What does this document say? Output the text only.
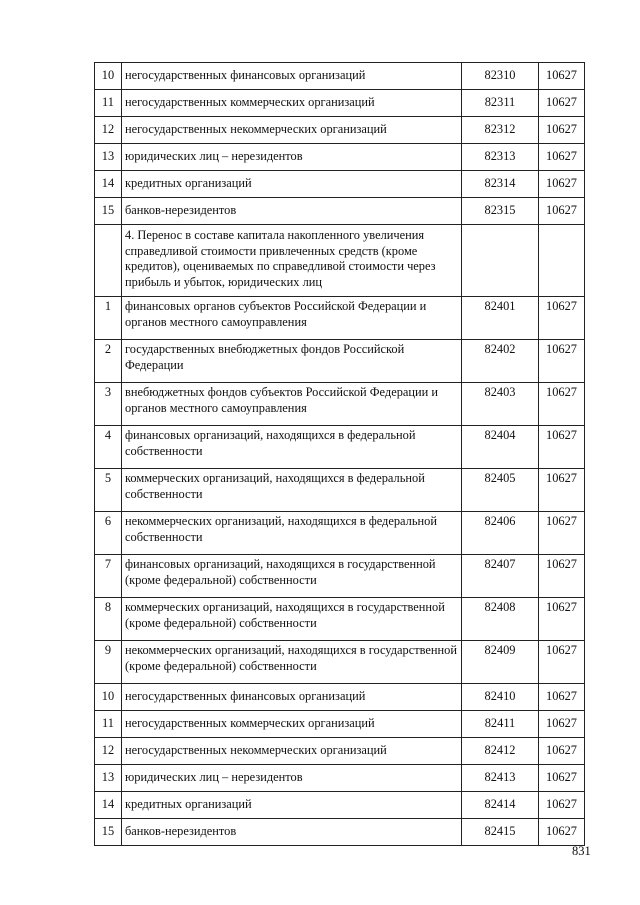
10	негосударственных финансовых организаций	82310	10627
11	негосударственных коммерческих организаций	82311	10627
12	негосударственных некоммерческих организаций	82312	10627
13	юридических лиц – нерезидентов	82313	10627
14	кредитных организаций	82314	10627
15	банков-нерезидентов	82315	10627
	4. Перенос в составе капитала накопленного увеличения справедливой стоимости привлеченных средств (кроме кредитов), оцениваемых по справедливой стоимости через прибыль и убыток, юридических лиц		
1	финансовых органов субъектов Российской Федерации и органов местного самоуправления	82401	10627
2	государственных внебюджетных фондов Российской Федерации	82402	10627
3	внебюджетных фондов субъектов Российской Федерации и органов местного самоуправления	82403	10627
4	финансовых организаций, находящихся в федеральной собственности	82404	10627
5	коммерческих организаций, находящихся в федеральной собственности	82405	10627
6	некоммерческих организаций, находящихся в федеральной собственности	82406	10627
7	финансовых организаций, находящихся в государственной (кроме федеральной) собственности	82407	10627
8	коммерческих организаций, находящихся в государственной (кроме федеральной) собственности	82408	10627
9	некоммерческих организаций, находящихся в государственной (кроме федеральной) собственности	82409	10627
10	негосударственных финансовых организаций	82410	10627
11	негосударственных коммерческих организаций	82411	10627
12	негосударственных некоммерческих организаций	82412	10627
13	юридических лиц – нерезидентов	82413	10627
14	кредитных организаций	82414	10627
15	банков-нерезидентов	82415	10627
831
